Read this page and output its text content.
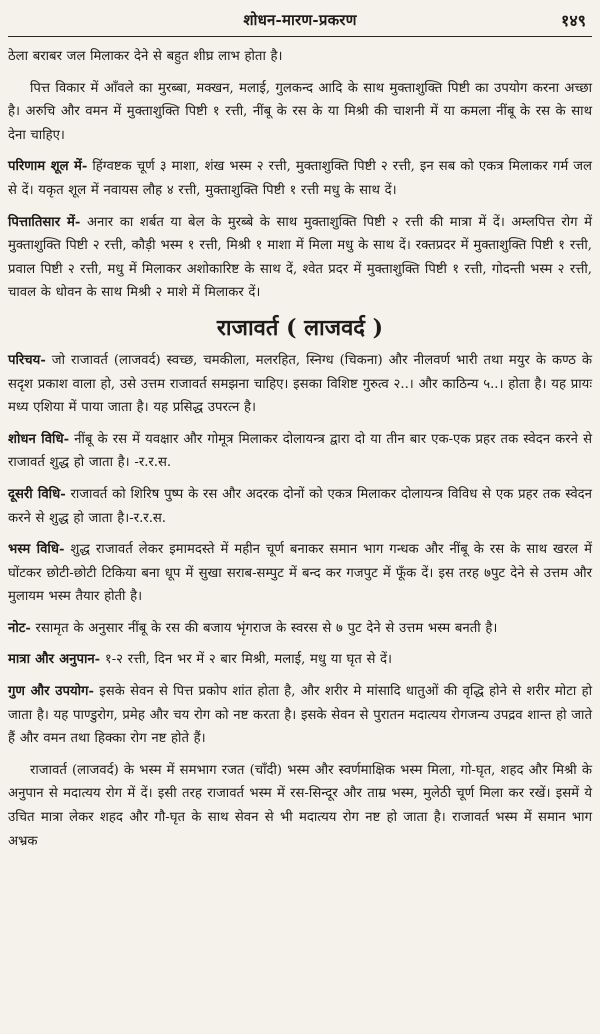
शोधन-मारण-प्रकरण	१४९

ठेला बराबर जल मिलाकर देने से बहुत शीघ्र लाभ होता है।

पित्त विकार में आँवले का मुरब्बा, मक्खन, मलाई, गुलकन्द आदि के साथ मुक्ताशुक्ति पिष्टी का उपयोग करना अच्छा है। अरुचि और वमन में मुक्ताशुक्ति पिष्टी १ रत्ती, नींबू के रस के या मिश्री की चाशनी में या कमला नींबू के रस के साथ देना चाहिए।

परिणाम शूल में- हिंग्वष्टक चूर्ण ३ माशा, शंख भस्म २ रत्ती, मुक्ताशुक्ति पिष्टी २ रत्ती, इन सब को एकत्र मिलाकर गर्म जल से दें। यकृत शूल में नवायस लौह ४ रत्ती, मुक्ताशुक्ति पिष्टी १ रत्ती मधु के साथ दें।

पित्तातिसार में- अनार का शर्बत या बेल के मुरब्बे के साथ मुक्ताशुक्ति पिष्टी २ रत्ती की मात्रा में दें। अम्लपित्त रोग में मुक्ताशुक्ति पिष्टी २ रत्ती, कौड़ी भस्म १ रत्ती, मिश्री १ माशा में मिला मधु के साथ दें। रक्तप्रदर में मुक्ताशुक्ति पिष्टी १ रत्ती, प्रवाल पिष्टी २ रत्ती, मधु में मिलाकर अशोकारिष्ट के साथ दें, श्वेत प्रदर में मुक्ताशुक्ति पिष्टी १ रत्ती, गोदन्ती भस्म २ रत्ती, चावल के धोवन के साथ मिश्री २ माशे में मिलाकर दें।

राजावर्त ( लाजवर्द )

परिचय- जो राजावर्त (लाजवर्द) स्वच्छ, चमकीला, मलरहित, स्निग्ध (चिकना) और नीलवर्ण भारी तथा मयुर के कण्ठ के सदृश प्रकाश वाला हो, उसे उत्तम राजावर्त समझना चाहिए। इसका विशिष्ट गुरुत्व २..। और काठिन्य ५..। होता है। यह प्रायः मध्य एशिया में पाया जाता है। यह प्रसिद्ध उपरत्न है।

शोधन विधि- नींबू के रस में यवक्षार और गोमूत्र मिलाकर दोलायन्त्र द्वारा दो या तीन बार एक-एक प्रहर तक स्वेदन करने से राजावर्त शुद्ध हो जाता है। -र.र.स.

दूसरी विधि- राजावर्त को शिरिष पुष्प के रस और अदरक दोनों को एकत्र मिलाकर दोलायन्त्र विविध से एक प्रहर तक स्वेदन करने से शुद्ध हो जाता है।-र.र.स.

भस्म विधि- शुद्ध राजावर्त लेकर इमामदस्ते में महीन चूर्ण बनाकर समान भाग गन्धक और नींबू के रस के साथ खरल में घोंटकर छोटी-छोटी टिकिया बना धूप में सुखा सराब-सम्पुट में बन्द कर गजपुट में फूँक दें। इस तरह ७पुट देने से उत्तम और मुलायम भस्म तैयार होती है।

नोट- रसामृत के अनुसार नींबू के रस की बजाय भृंगराज के स्वरस से ७ पुट देने से उत्तम भस्म बनती है।

मात्रा और अनुपान- १-२ रत्ती, दिन भर में २ बार मिश्री, मलाई, मधु या घृत से दें।

गुण और उपयोग- इसके सेवन से पित्त प्रकोप शांत होता है, और शरीर मे मांसादि धातुओं की वृद्धि होने से शरीर मोटा हो जाता है। यह पाण्डुरोग, प्रमेह और चय रोग को नष्ट करता है। इसके सेवन से पुरातन मदात्यय रोगजन्य उपद्रव शान्त हो जाते हैं और वमन तथा हिक्का रोग नष्ट होते हैं।

राजावर्त (लाजवर्द) के भस्म में समभाग रजत (चाँदी) भस्म और स्वर्णमाक्षिक भस्म मिला, गो-घृत, शहद और मिश्री के अनुपान से मदात्यय रोग में दें। इसी तरह राजावर्त भस्म में रस-सिन्दूर और ताम्र भस्म, मुलेठी चूर्ण मिला कर रखें। इसमें ये उचित मात्रा लेकर शहद और गौ-घृत के साथ सेवन से भी मदात्यय रोग नष्ट हो जाता है। राजावर्त भस्म में समान भाग अभ्रक
